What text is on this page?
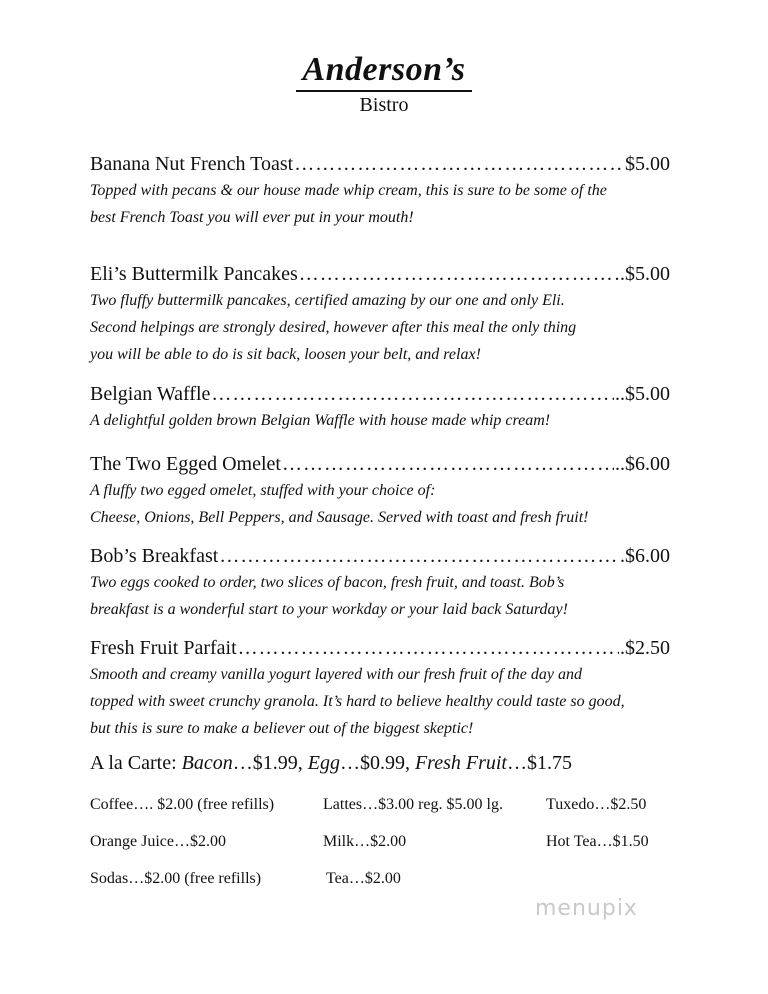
Anderson’s
Bistro
Banana Nut French Toast …………………………………………………………………………………………………………………………	$5.00
Topped with pecans & our house made whip cream, this is sure to be some of the
best French Toast you will ever put in your mouth!
Eli’s Buttermilk Pancakes …………………………………………………………………………………………………………………………	.$5.00
Two fluffy buttermilk pancakes, certified amazing by our one and only Eli.
Second helpings are strongly desired, however after this meal the only thing
you will be able to do is sit back, loosen your belt, and relax!
Belgian Waffle …………………………………………………………………………………………………………………………	..$5.00
A delightful golden brown Belgian Waffle with house made whip cream!
The Two Egged Omelet …………………………………………………………………………………………………………………………	..$6.00
A fluffy two egged omelet, stuffed with your choice of:
Cheese, Onions, Bell Peppers, and Sausage. Served with toast and fresh fruit!
Bob’s Breakfast …………………………………………………………………………………………………………………………	.$6.00
Two eggs cooked to order, two slices of bacon, fresh fruit, and toast. Bob’s
breakfast is a wonderful start to your workday or your laid back Saturday!
Fresh Fruit Parfait …………………………………………………………………………………………………………………………	.$2.50
Smooth and creamy vanilla yogurt layered with our fresh fruit of the day and
topped with sweet crunchy granola. It’s hard to believe healthy could taste so good,
but this is sure to make a believer out of the biggest skeptic!
A la Carte: Bacon…$1.99, Egg…$0.99, Fresh Fruit…$1.75
Coffee…. $2.00 (free refills)	Lattes…$3.00 reg. $5.00 lg.	Tuxedo…$2.50
Orange Juice…$2.00	Milk…$2.00	Hot Tea…$1.50
Sodas…$2.00 (free refills)	Tea…$2.00
menupix
